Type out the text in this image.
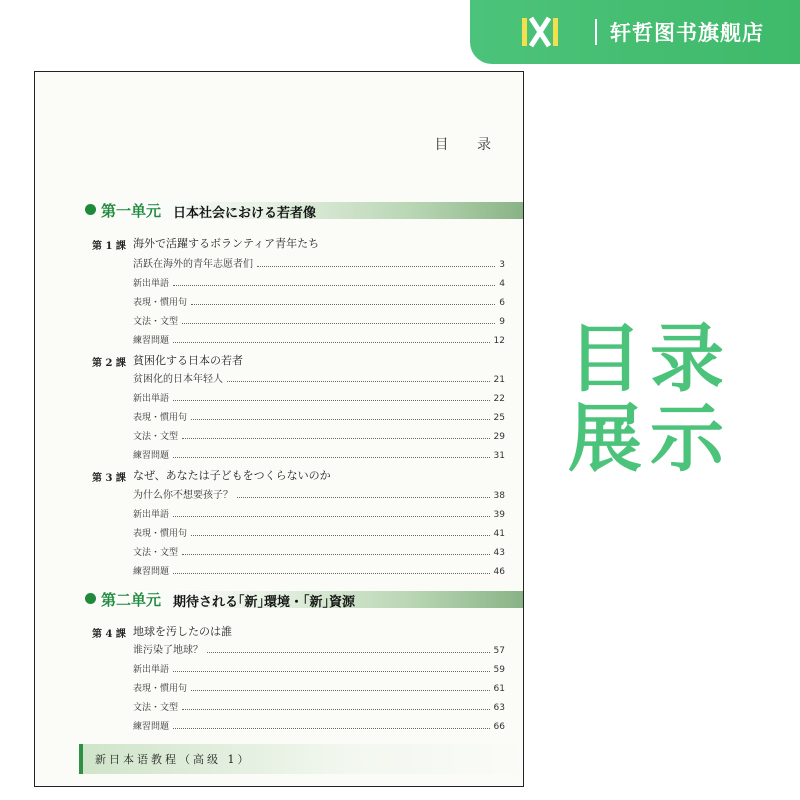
轩哲图书旗舰店
目 录
第一单元 日本社会における若者像
第 1 課 海外で活躍するボランティア青年たち
活跃在海外的青年志愿者们	3
新出単語	4
表現・慣用句	6
文法・文型	9
練習問題	12
第 2 課 貧困化する日本の若者
贫困化的日本年轻人	21
新出単語	22
表現・慣用句	25
文法・文型	29
練習問題	31
第 3 課 なぜ、あなたは子どもをつくらないのか
为什么你不想要孩子？	38
新出単語	39
表現・慣用句	41
文法・文型	43
練習問題	46
第二单元 期待される｢新｣環境・｢新｣資源
第 4 課 地球を汚したのは誰
谁污染了地球？	57
新出単語	59
表現・慣用句	61
文法・文型	63
練習問題	66
新日本语教程（高级 1）
目录
展示
